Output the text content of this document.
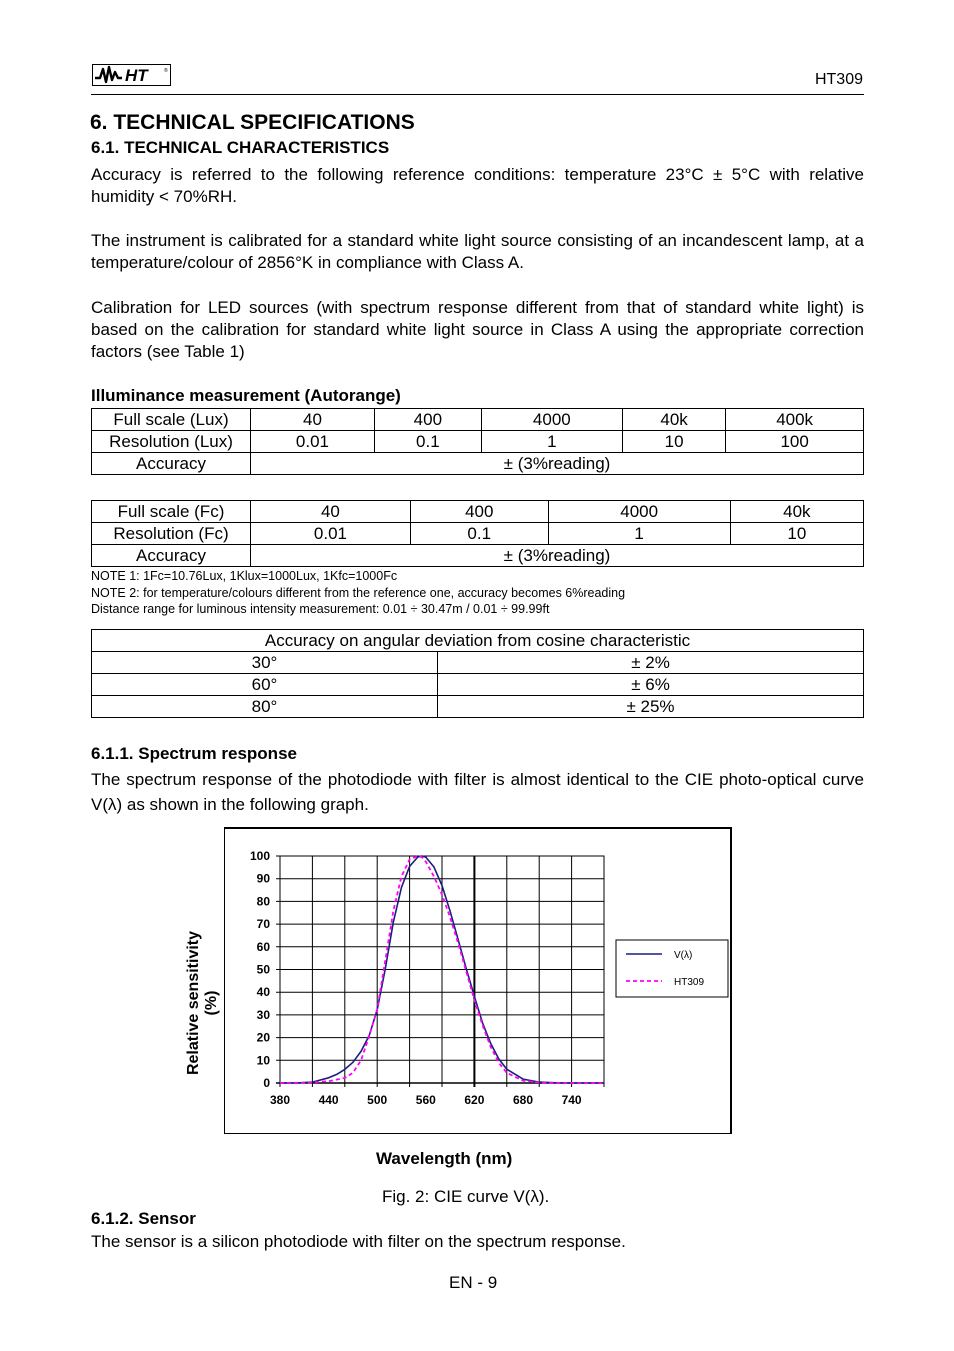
HT	®	HT309
6. TECHNICAL SPECIFICATIONS
6.1. TECHNICAL CHARACTERISTICS
Accuracy is referred to the following reference conditions: temperature 23°C ± 5°C with relative humidity < 70%RH.
The instrument is calibrated for a standard white light source consisting of an incandescent lamp, at a temperature/colour of 2856°K in compliance with Class A.
Calibration for LED sources (with spectrum response different from that of standard white light) is based on the calibration for standard white light source in Class A using the appropriate correction factors (see Table 1)
Illuminance measurement (Autorange)
Full scale (Lux)	40	400	4000	40k	400k
Resolution (Lux)	0.01	0.1	1	10	100
Accuracy	± (3%reading)				
Full scale (Fc)	40	400	4000	40k
Resolution (Fc)	0.01	0.1	1	10
Accuracy	± (3%reading)			
NOTE 1: 1Fc=10.76Lux, 1Klux=1000Lux, 1Kfc=1000Fc
NOTE 2: for temperature/colours different from the reference one, accuracy becomes 6%reading
Distance range for luminous intensity measurement: 0.01 ÷ 30.47m / 0.01 ÷ 99.99ft
Accuracy on angular deviation from cosine characteristic	
30°	± 2%
60°	± 6%
80°	± 25%
6.1.1. Spectrum response
The spectrum response of the photodiode with filter is almost identical to the CIE photo-optical curve V(λ) as shown in the following graph.
0
10
20
30
40
50
60
70
80
90
100
380 440 500 560 620 680 740
V(λ)
HT309
Relative sensitivity (%)
Wavelength (nm)
Fig. 2: CIE curve V(λ).
6.1.2. Sensor
The sensor is a silicon photodiode with filter on the spectrum response.
EN - 9
